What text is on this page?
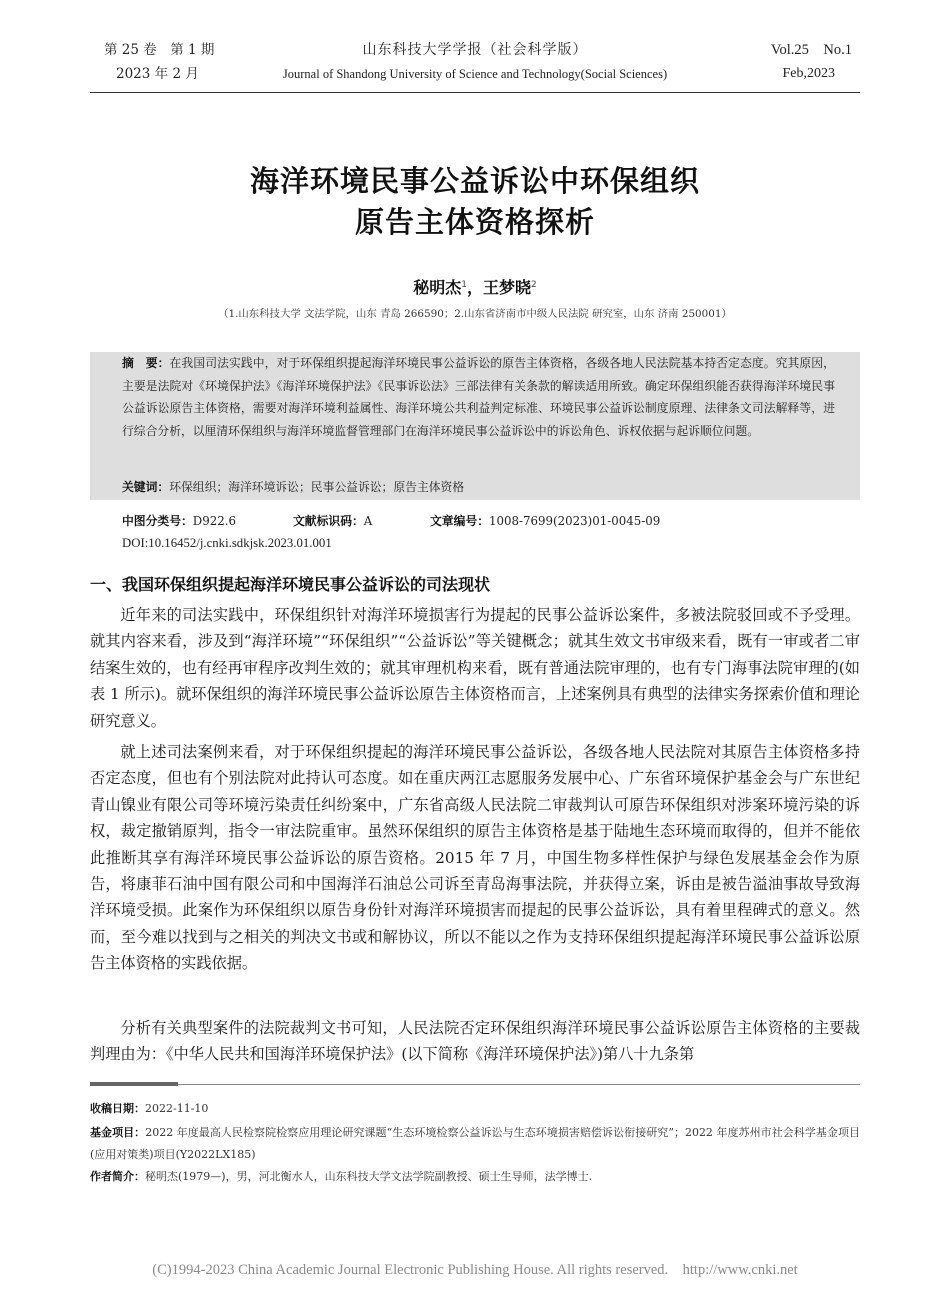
第 25 卷　第 1 期
2023 年 2 月
山东科技大学学报（社会科学版）
Journal of Shandong University of Science and Technology(Social Sciences)
Vol.25　No.1
Feb,2023
海洋环境民事公益诉讼中环保组织
原告主体资格探析
秘明杰$^1$，王梦晓$^2$
（1.山东科技大学 文法学院，山东 青岛 266590；2.山东省济南市中级人民法院 研究室，山东 济南 250001）
摘　要：在我国司法实践中，对于环保组织提起海洋环境民事公益诉讼的原告主体资格，各级各地人民法院基本持否定态度。究其原因，主要是法院对《环境保护法》《海洋环境保护法》《民事诉讼法》三部法律有关条款的解读适用所致。确定环保组织能否获得海洋环境民事公益诉讼原告主体资格，需要对海洋环境利益属性、海洋环境公共利益判定标准、环境民事公益诉讼制度原理、法律条文司法解释等，进行综合分析，以厘清环保组织与海洋环境监督管理部门在海洋环境民事公益诉讼中的诉讼角色、诉权依据与起诉顺位问题。
关键词：环保组织；海洋环境诉讼；民事公益诉讼；原告主体资格
中图分类号：D922.6	文献标识码：A	文章编号：1008-7699(2023)01-0045-09
DOI:10.16452/j.cnki.sdkjsk.2023.01.001
一、我国环保组织提起海洋环境民事公益诉讼的司法现状

近年来的司法实践中，环保组织针对海洋环境损害行为提起的民事公益诉讼案件，多被法院驳回或不予受理。就其内容来看，涉及到“海洋环境”“环保组织”“公益诉讼”等关键概念；就其生效文书审级来看，既有一审或者二审结案生效的，也有经再审程序改判生效的；就其审理机构来看，既有普通法院审理的，也有专门海事法院审理的(如表 1 所示)。就环保组织的海洋环境民事公益诉讼原告主体资格而言，上述案例具有典型的法律实务探索价值和理论研究意义。

就上述司法案例来看，对于环保组织提起的海洋环境民事公益诉讼，各级各地人民法院对其原告主体资格多持否定态度，但也有个别法院对此持认可态度。如在重庆两江志愿服务发展中心、广东省环境保护基金会与广东世纪青山镍业有限公司等环境污染责任纠纷案中，广东省高级人民法院二审裁判认可原告环保组织对涉案环境污染的诉权，裁定撤销原判，指令一审法院重审。虽然环保组织的原告主体资格是基于陆地生态环境而取得的，但并不能依此推断其享有海洋环境民事公益诉讼的原告资格。2015 年 7 月，中国生物多样性保护与绿色发展基金会作为原告，将康菲石油中国有限公司和中国海洋石油总公司诉至青岛海事法院，并获得立案，诉由是被告溢油事故导致海洋环境受损。此案作为环保组织以原告身份针对海洋环境损害而提起的民事公益诉讼，具有着里程碑式的意义。然而，至今难以找到与之相关的判决文书或和解协议，所以不能以之作为支持环保组织提起海洋环境民事公益诉讼原告主体资格的实践依据。

分析有关典型案件的法院裁判文书可知，人民法院否定环保组织海洋环境民事公益诉讼原告主体资格的主要裁判理由为：《中华人民共和国海洋环境保护法》(以下简称《海洋环境保护法》)第八十九条第

收稿日期：2022-11-10
基金项目：2022 年度最高人民检察院检察应用理论研究课题“生态环境检察公益诉讼与生态环境损害赔偿诉讼衔接研究”；2022 年度苏州市社会科学基金项目(应用对策类)项目(Y2022LX185)
作者简介：秘明杰(1979—)，男，河北衡水人，山东科技大学文法学院副教授、硕士生导师，法学博士.
(C)1994-2023 China Academic Journal Electronic Publishing House. All rights reserved.　http://www.cnki.net
